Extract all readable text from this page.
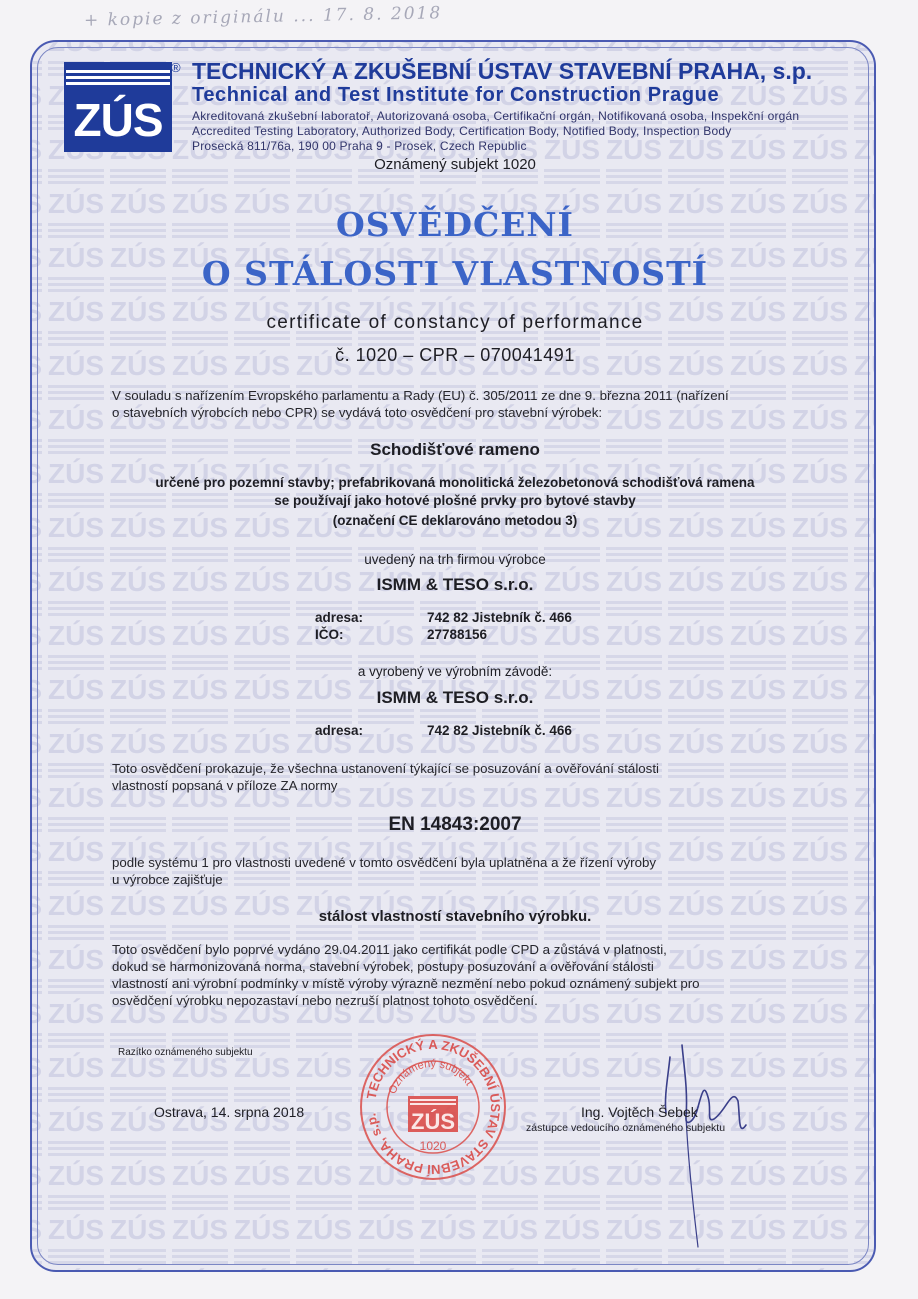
+ kopie z originálu ... 17. 8. 2018
ZÚS
® TECHNICKÝ A ZKUŠEBNÍ ÚSTAV STAVEBNÍ PRAHA, s.p.
Technical and Test Institute for Construction Prague
Akreditovaná zkušební laboratoř, Autorizovaná osoba, Certifikační orgán, Notifikovaná osoba, Inspekční orgán
Accredited Testing Laboratory, Authorized Body, Certification Body, Notified Body, Inspection Body
Prosecká 811/76a, 190 00 Praha 9 - Prosek, Czech Republic
Oznámený subjekt 1020
OSVĚDČENÍ
O STÁLOSTI VLASTNOSTÍ
certificate of constancy of performance
č. 1020 – CPR – 070041491
V souladu s nařízením Evropského parlamentu a Rady (EU) č. 305/2011 ze dne 9. března 2011 (nařízení
o stavebních výrobcích nebo CPR) se vydává toto osvědčení pro stavební výrobek:
Schodišťové rameno
určené pro pozemní stavby; prefabrikovaná monolitická železobetonová schodišťová ramena
se používají jako hotové plošné prvky pro bytové stavby
(označení CE deklarováno metodou 3)
uvedený na trh firmou výrobce
ISMM & TESO s.r.o.
adresa:	742 82 Jistebník č. 466
IČO:	27788156
a vyrobený ve výrobním závodě:
ISMM & TESO s.r.o.
adresa:	742 82 Jistebník č. 466
Toto osvědčení prokazuje, že všechna ustanovení týkající se posuzování a ověřování stálosti
vlastností popsaná v příloze ZA normy
EN 14843:2007
podle systému 1 pro vlastnosti uvedené v tomto osvědčení byla uplatněna a že řízení výroby
u výrobce zajišťuje
stálost vlastností stavebního výrobku.
Toto osvědčení bylo poprvé vydáno 29.04.2011 jako certifikát podle CPD a zůstává v platnosti,
dokud se harmonizovaná norma, stavební výrobek, postupy posuzování a ověřování stálosti
vlastností ani výrobní podmínky v místě výroby výrazně nezmění nebo pokud oznámený subjekt pro
osvědčení výrobku nepozastaví nebo nezruší platnost tohoto osvědčení.
Razítko oznámeného subjektu
Ostrava, 14. srpna 2018
TECHNICKÝ A ZKUŠEBNÍ ÚSTAV STAVEBNÍ PRAHA, s.p.
Oznámený subjekt
ZÚS
1020
Ing. Vojtěch Šebek
zástupce vedoucího oznámeného subjektu
